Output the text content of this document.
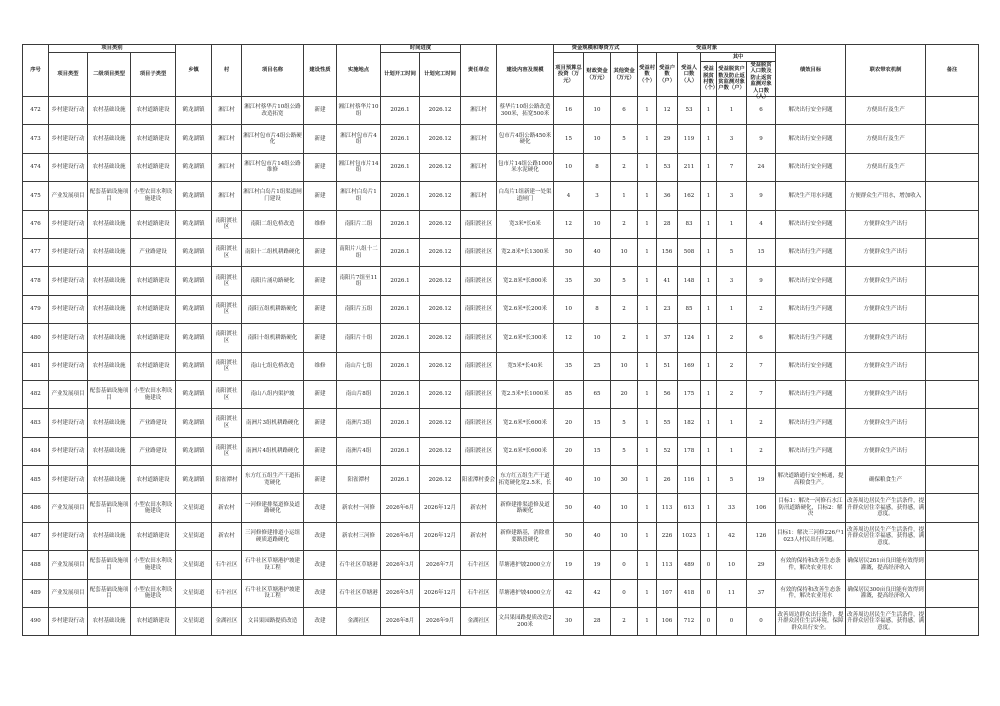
序号	项目类别			乡镇	村	项目名称	建设性质	实施地点	时间进度		责任单位	建设内容及规模	资金规模和筹资方式			受益对象						绩效目标	联农带农机制	备注

	项目类型	二级项目类型	项目子类型						计划开工时间	计划完工时间			项目预算总投资（万元）	财政资金（万元）	其他资金（万元）	受益村数（个）	受益户数（户）	受益人口数（人）	其中					

																			受益脱贫村数（个）	受益脱贫户数及防止返贫监测对象户数（户）	受益脱贫人口数及防止返贫监测对象人口数（人）			

472	乡村建设行动	农村基础设施	农村道路建设	鹤龙湖镇	湘江村	湘江村蔡华片10组公路改造拓宽	新建	湘江村蔡华片10组	2026.1	2026.12	湘江村	蔡华片10组公路改造300米，拓宽500米	16	10	6	1	12	53	1	1	6	解决出行安全问题	方便出行及生产	

473	乡村建设行动	农村基础设施	农村道路建设	鹤龙湖镇	湘江村	湘江村包市片4组公路硬化	新建	湘江村包市片4组	2026.1	2026.12	湘江村	包市片4组公路450米硬化	15	10	5	1	29	119	1	3	9	解决出行安全问题	方便出行及生产	

474	乡村建设行动	农村基础设施	农村道路建设	鹤龙湖镇	湘江村	湘江村包市片14组公路维修	新建	湘江村包市片14组	2026.1	2026.12	湘江村	包市片14组公路1000米水泥硬化	10	8	2	1	53	211	1	7	24	解决出行安全问题	方便出行及生产	

475	产业发展项目	配套基础设施项目	小型农田水利设施建设	鹤龙湖镇	湘江村	湘江村白岛片1组渠道闸门建设	新建	湘江村白岛片1组	2026.1	2026.12	湘江村	白岛片1组新建一处渠道闸门	4	3	1	1	36	162	1	3	9	解决生产用水问题	方便群众生产用水，增加收入	

476	乡村建设行动	农村基础设施	农村道路建设	鹤龙湖镇	南阳渡社区	南阳二组危桥改造	维修	南阳片二组	2026.1	2026.12	南阳渡社区	宽3米*长6米	12	10	2	1	28	83	1	1	4	解决出行安全问题	方便群众生产出行	

477	乡村建设行动	农村基础设施	产业路建设	鹤龙湖镇	南阳渡社区	南阳十二组机耕路硬化	新建	南阳片八组十二组	2026.1	2026.12	南阳渡社区	宽2.8米*长1300米	50	40	10	1	156	508	1	5	15	解决出行生产问题	方便群众生产出行	

478	乡村建设行动	农村基础设施	农村道路建设	鹤龙湖镇	南阳渡社区	南阳片涌功路硬化	新建	南阳片7组至11组	2026.1	2026.12	南阳渡社区	宽2.8米*长800米	35	30	5	1	41	148	1	3	9	解决出行安全问题	方便群众生产出行	

479	乡村建设行动	农村基础设施	农村道路建设	鹤龙湖镇	南阳渡社区	南阳五组机耕路硬化	新建	南阳片五组	2026.1	2026.12	南阳渡社区	宽2.6米*长200米	10	8	2	1	23	85	1	1	2	解决出行生产问题	方便群众生产出行	

480	乡村建设行动	农村基础设施	农村道路建设	鹤龙湖镇	南阳渡社区	南阳十组机耕路硬化	新建	南阳片十组	2026.1	2026.12	南阳渡社区	宽2.6米*长300米	12	10	2	1	37	124	1	2	6	解决出行生产问题	方便群众生产出行	

481	乡村建设行动	农村基础设施	农村道路建设	鹤龙湖镇	南阳渡社区	南山七组危桥改造	维修	南山片七组	2026.1	2026.12	南阳渡社区	宽5米*长40米	35	25	10	1	51	169	1	2	7	解决出行安全问题	方便群众生产出行	

482	产业发展项目	配套基础设施项目	小型农田水利设施建设	鹤龙湖镇	南阳渡社区	南山八组内渠护坡	新建	南山片8组	2026.1	2026.12	南阳渡社区	宽2.5米*长1000米	85	65	20	1	56	175	1	2	7	解决出行生产问题	方便群众生产出行	

483	乡村建设行动	农村基础设施	产业路建设	鹤龙湖镇	南阳渡社区	南洲片3组机耕路硬化	新建	南洲片3组	2026.1	2026.12	南阳渡社区	宽2.6米*长600米	20	15	5	1	55	182	1	1	2	解决出行生产问题	方便群众生产出行	

484	乡村建设行动	农村基础设施	产业路建设	鹤龙湖镇	南阳渡社区	南洲片4组机耕路硬化	新建	南洲片4组	2026.1	2026.12	南阳渡社区	宽2.6米*长600米	20	15	5	1	52	178	1	1	2	解决出行生产问题	方便群众生产出行	

485	乡村建设行动	农村基础设施	农村道路建设	鹤龙湖镇	阳雀潭村	东方红五组生产干道拓宽硬化	新建	阳雀潭村	2026.1	2026.12	阳雀潭村委会	东方红五组生产干道拓宽硬化宽2.5米，长	40	10	30	1	26	116	1	5	19	解决道路通行安全畅通，提高粮食生产。	确保粮食生产	

486	产业发展项目	配套基础设施项目	小型农田水利设施建设	文星街道	新农村	一河修建排渠道修及道路硬化	改建	新农村一河修	2026年6月	2026年12月	新农村	新修建排渠道修及道路硬化	50	40	10	1	113	613	1	33	106	目标1：解决一河修石水江防汛道路硬化，目标2：解决	改善周边居民生产生活条件，提升群众居住幸福感，获得感，满意度。	

487	乡村建设行动	农村基础设施	农村道路建设	文星街道	新农村	三河修修建排道小运组硬质道路硬化	改建	新农村三河修	2026年6月	2026年12月	新农村	新修建路基，消除重要路段硬化	50	40	10	1	226	1023	1	42	126	目标1：解决三河修226户1023人村民出行问题。	改善周边居民生产生活条件，提升群众居住幸福感，获得感，满意度。	

488	产业发展项目	配套基础设施项目	小型农田水利设施建设	文星街道	石牛社区	石牛社区草塘港护坡建设工程	改建	石牛社区草塘港	2026年3月	2026年7月	石牛社区	草塘港护坡2000立方	19	19	0	1	113	489	0	10	29	有效的保持和改善生态条件，解决农业用水	确保居民261亩良田能有效得到灌溉，提高经济收入	

489	产业发展项目	配套基础设施项目	小型农田水利设施建设	文星街道	石牛社区	石牛社区草塘港护坡建设工程	改建	石牛社区草塘港	2026年5月	2026年12月	石牛社区	草塘港护坡4000立方	42	42	0	1	107	418	0	11	37	有效的保持和改善生态条件，解决农业用水	确保居民300亩良田能有效得到灌溉，提高经济收入	

490	乡村建设行动	农村基础设施	农村道路建设	文星街道	金湖社区	文昌果园路提质改造	改建	金湖社区	2026年8月	2026年9月	金湖社区	文昌果园路提质改造2200米	30	28	2	1	106	712	0	0	0	改善周边群众出行条件，提升群众居住生活环境，保障群众出行安全。	改善周边居民生产生活条件，提升群众居住幸福感，获得感，满意度。	
